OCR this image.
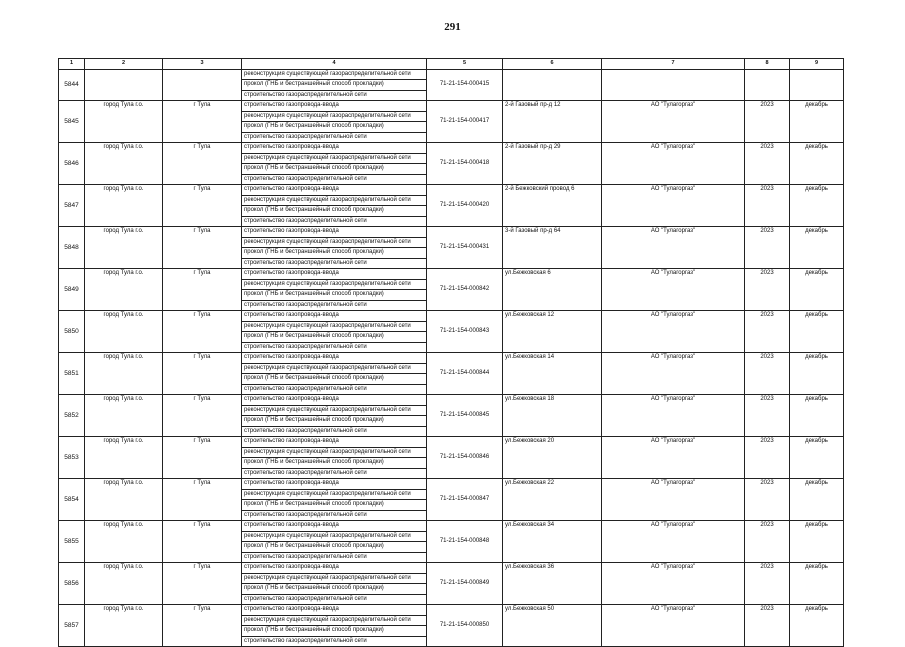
291
1	2	3	4	5	6	7	8	9
5844			реконструкция существующей газораспределительной сети	71-21-154-000415				
			прокол (ГНБ и бестраншейный способ прокладки)					
			строительство газораспределительной сети					
5845	город Тула г.о.	г Тула	строительство газопровода-ввода	71-21-154-000417	2-й Газовый пр-д 12	АО "Тулагоргаз"	2023	декабрь
			реконструкция существующей газораспределительной сети					
			прокол (ГНБ и бестраншейный способ прокладки)					
			строительство газораспределительной сети					
5846	город Тула г.о.	г Тула	строительство газопровода-ввода	71-21-154-000418	2-й Газовый пр-д 29	АО "Тулагоргаз"	2023	декабрь
			реконструкция существующей газораспределительной сети					
			прокол (ГНБ и бестраншейный способ прокладки)					
			строительство газораспределительной сети					
5847	город Тула г.о.	г Тула	строительство газопровода-ввода	71-21-154-000420	2-й Бежковский провод 6	АО "Тулагоргаз"	2023	декабрь
			реконструкция существующей газораспределительной сети					
			прокол (ГНБ и бестраншейный способ прокладки)					
			строительство газораспределительной сети					
5848	город Тула г.о.	г Тула	строительство газопровода-ввода	71-21-154-000431	3-й Газовый пр-д 64	АО "Тулагоргаз"	2023	декабрь
			реконструкция существующей газораспределительной сети					
			прокол (ГНБ и бестраншейный способ прокладки)					
			строительство газораспределительной сети					
5849	город Тула г.о.	г Тула	строительство газопровода-ввода	71-21-154-000842	ул.Бежковская 6	АО "Тулагоргаз"	2023	декабрь
			реконструкция существующей газораспределительной сети					
			прокол (ГНБ и бестраншейный способ прокладки)					
			строительство газораспределительной сети					
5850	город Тула г.о.	г Тула	строительство газопровода-ввода	71-21-154-000843	ул.Бежковская 12	АО "Тулагоргаз"	2023	декабрь
			реконструкция существующей газораспределительной сети					
			прокол (ГНБ и бестраншейный способ прокладки)					
			строительство газораспределительной сети					
5851	город Тула г.о.	г Тула	строительство газопровода-ввода	71-21-154-000844	ул.Бежковская 14	АО "Тулагоргаз"	2023	декабрь
			реконструкция существующей газораспределительной сети					
			прокол (ГНБ и бестраншейный способ прокладки)					
			строительство газораспределительной сети					
5852	город Тула г.о.	г Тула	строительство газопровода-ввода	71-21-154-000845	ул.Бежковская 18	АО "Тулагоргаз"	2023	декабрь
			реконструкция существующей газораспределительной сети					
			прокол (ГНБ и бестраншейный способ прокладки)					
			строительство газораспределительной сети					
5853	город Тула г.о.	г Тула	строительство газопровода-ввода	71-21-154-000846	ул.Бежковская 20	АО "Тулагоргаз"	2023	декабрь
			реконструкция существующей газораспределительной сети					
			прокол (ГНБ и бестраншейный способ прокладки)					
			строительство газораспределительной сети					
5854	город Тула г.о.	г Тула	строительство газопровода-ввода	71-21-154-000847	ул.Бежковская 22	АО "Тулагоргаз"	2023	декабрь
			реконструкция существующей газораспределительной сети					
			прокол (ГНБ и бестраншейный способ прокладки)					
			строительство газораспределительной сети					
5855	город Тула г.о.	г Тула	строительство газопровода-ввода	71-21-154-000848	ул.Бежковская 34	АО "Тулагоргаз"	2023	декабрь
			реконструкция существующей газораспределительной сети					
			прокол (ГНБ и бестраншейный способ прокладки)					
			строительство газораспределительной сети					
5856	город Тула г.о.	г Тула	строительство газопровода-ввода	71-21-154-000849	ул.Бежковская 36	АО "Тулагоргаз"	2023	декабрь
			реконструкция существующей газораспределительной сети					
			прокол (ГНБ и бестраншейный способ прокладки)					
			строительство газораспределительной сети					
5857	город Тула г.о.	г Тула	строительство газопровода-ввода	71-21-154-000850	ул.Бежковская 50	АО "Тулагоргаз"	2023	декабрь
			реконструкция существующей газораспределительной сети					
			прокол (ГНБ и бестраншейный способ прокладки)					
			строительство газораспределительной сети					
